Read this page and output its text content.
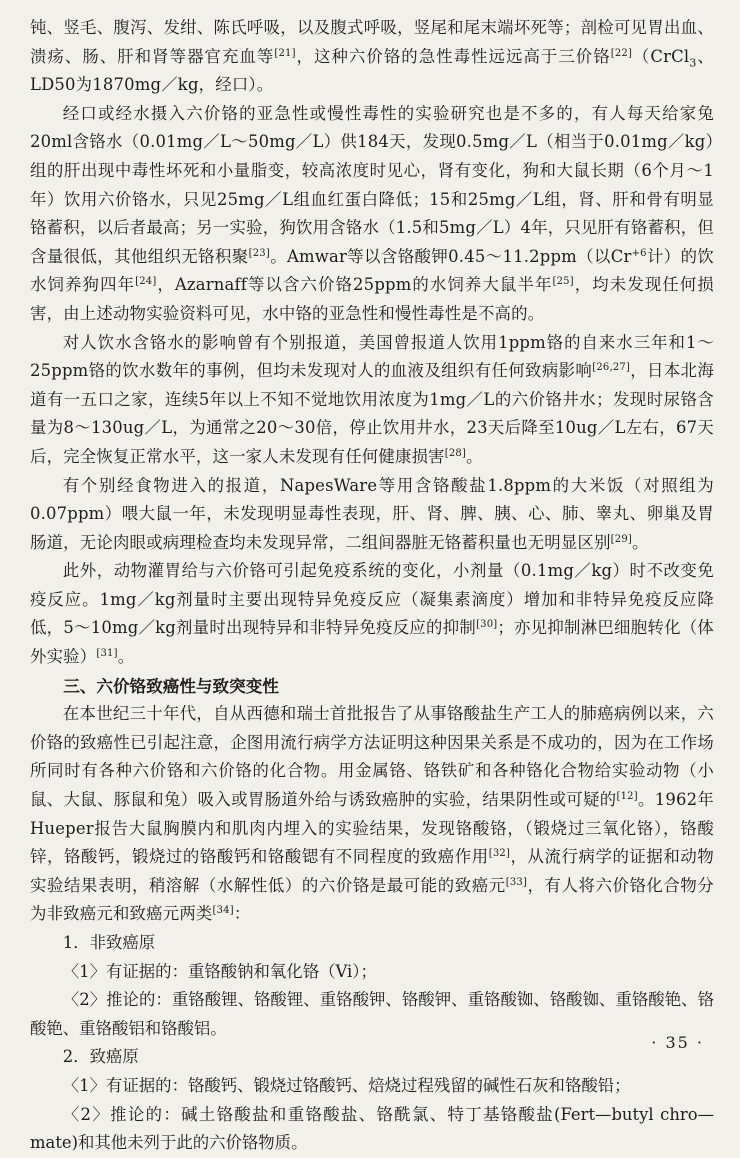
钝、竖毛、腹泻、发绀、陈氏呼吸，以及腹式呼吸，竖尾和尾末端坏死等；剖检可见胃出血、溃疡、肠、肝和肾等器官充血等[21]，这种六价铬的急性毒性远远高于三价铬[22]（CrCl$_3$、LD50为1870mg／kg，经口）。

经口或经水摄入六价铬的亚急性或慢性毒性的实验研究也是不多的，有人每天给家兔20ml含铬水（0.01mg／L～50mg／L）供184天，发现0.5mg／L（相当于0.01mg／kg）组的肝出现中毒性坏死和小量脂变，较高浓度时见心，肾有变化，狗和大鼠长期（6个月～1年）饮用六价铬水，只见25mg／L组血红蛋白降低；15和25mg／L组，肾、肝和骨有明显铬蓄积，以后者最高；另一实验，狗饮用含铬水（1.5和5mg／L）4年，只见肝有铬蓄积，但含量很低，其他组织无铬积聚[23]。Amwar等以含铬酸钾0.45～11.2ppm（以$Cr^{+6}$计）的饮水饲养狗四年[24]，Azarnaff等以含六价铬25ppm的水饲养大鼠半年[25]，均未发现任何损害，由上述动物实验资料可见，水中铬的亚急性和慢性毒性是不高的。

对人饮水含铬水的影响曾有个别报道，美国曾报道人饮用1ppm铬的自来水三年和1～25ppm铬的饮水数年的事例，但均未发现对人的血液及组织有任何致病影响[26,27]，日本北海道有一五口之家，连续5年以上不知不觉地饮用浓度为1mg／L的六价铬井水；发现时尿铬含量为8～130ug／L，为通常之20～30倍，停止饮用井水，23天后降至10ug／L左右，67天后，完全恢复正常水平，这一家人未发现有任何健康损害[28]。

有个别经食物进入的报道，NapesWare等用含铬酸盐1.8ppm的大米饭（对照组为0.07ppm）喂大鼠一年，未发现明显毒性表现，肝、肾、脾、胰、心、肺、睾丸、卵巢及胃肠道，无论肉眼或病理检查均未发现异常，二组间器脏无铬蓄积量也无明显区别[29]。

此外，动物灌胃给与六价铬可引起免疫系统的变化，小剂量（0.1mg／kg）时不改变免疫反应。1mg／kg剂量时主要出现特异免疫反应（凝集素滴度）增加和非特异免疫反应降低，5～10mg／kg剂量时出现特异和非特异免疫反应的抑制[30]；亦见抑制淋巴细胞转化（体外实验）[31]。

三、六价铬致癌性与致突变性

在本世纪三十年代，自从西德和瑞士首批报告了从事铬酸盐生产工人的肺癌病例以来，六价铬的致癌性已引起注意，企图用流行病学方法证明这种因果关系是不成功的，因为在工作场所同时有各种六价铬和六价铬的化合物。用金属铬、铬铁矿和各种铬化合物给实验动物（小鼠、大鼠、豚鼠和兔）吸入或胃肠道外给与诱致癌肿的实验，结果阴性或可疑的[12]。1962年Hueper报告大鼠胸膜内和肌肉内埋入的实验结果，发现铬酸铬，（锻烧过三氧化铬），铬酸锌，铬酸钙，锻烧过的铬酸钙和铬酸锶有不同程度的致癌作用[32]，从流行病学的证据和动物实验结果表明，稍溶解（水解性低）的六价铬是最可能的致癌元[33]，有人将六价铬化合物分为非致癌元和致癌元两类[34]：

1．非致癌原

〈1〉有证据的：重铬酸钠和氧化铬（Vi）；

〈2〉推论的：重铬酸锂、铬酸锂、重铬酸钾、铬酸钾、重铬酸铷、铬酸铷、重铬酸铯、铬酸铯、重铬酸铝和铬酸铝。

2．致癌原

〈1〉有证据的：铬酸钙、锻烧过铬酸钙、焙烧过程残留的碱性石灰和铬酸铅；

〈2〉推论的：碱土铬酸盐和重铬酸盐、铬酰氯、特丁基铬酸盐(Fert—butyl chro—mate)和其他未列于此的六价铬物质。

· 35 ·
